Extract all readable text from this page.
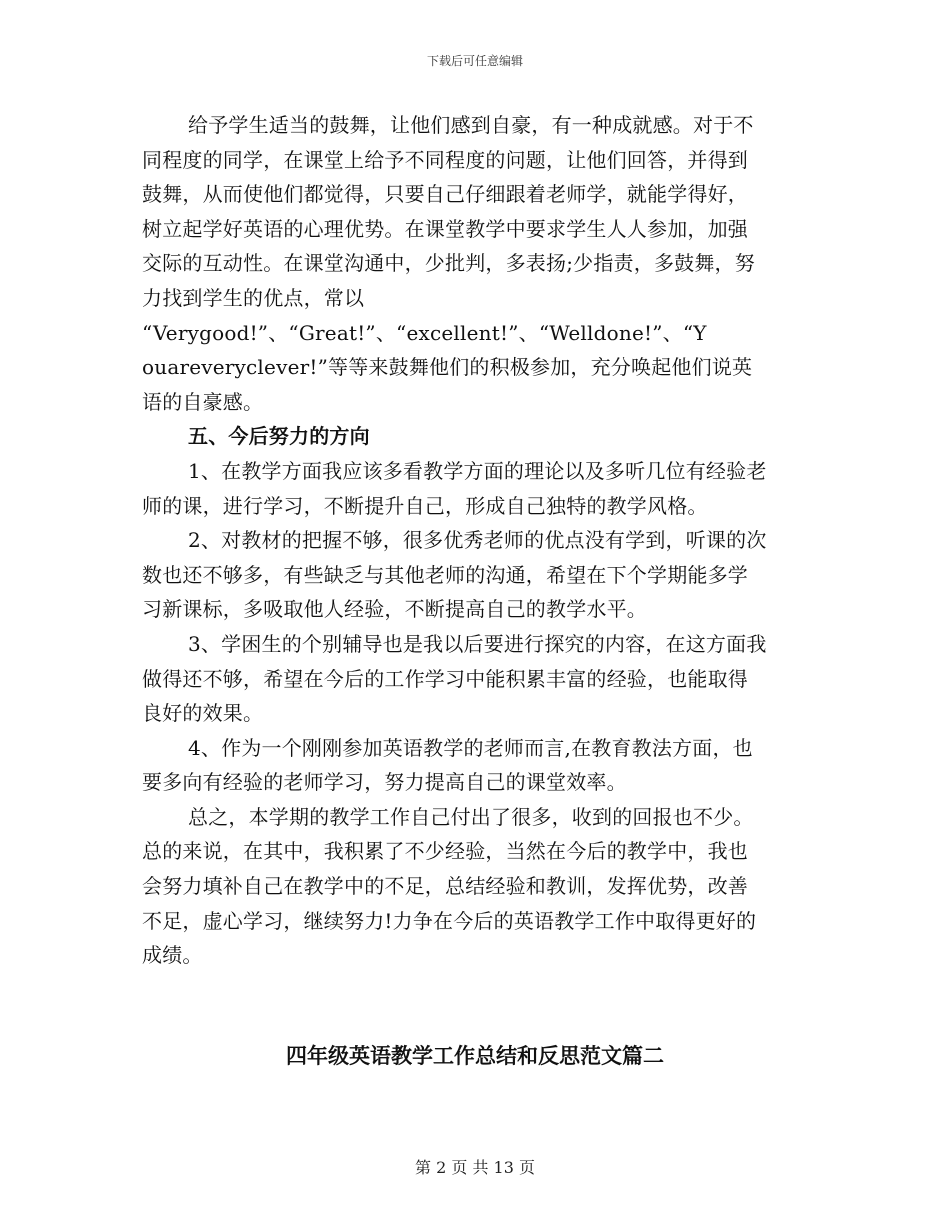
下载后可任意编辑
给予学生适当的鼓舞，让他们感到自豪，有一种成就感。对于不
同程度的同学，在课堂上给予不同程度的问题，让他们回答，并得到
鼓舞，从而使他们都觉得，只要自己仔细跟着老师学，就能学得好，
树立起学好英语的心理优势。在课堂教学中要求学生人人参加，加强
交际的互动性。在课堂沟通中，少批判，多表扬;少指责，多鼓舞，努
力找到学生的优点，常以
“Verygood!”、“Great!”、“excellent!”、“Welldone!”、“Y
ouareveryclever!”等等来鼓舞他们的积极参加，充分唤起他们说英
语的自豪感。
五、今后努力的方向
1、在教学方面我应该多看教学方面的理论以及多听几位有经验老
师的课，进行学习，不断提升自己，形成自己独特的教学风格。
2、对教材的把握不够，很多优秀老师的优点没有学到，听课的次
数也还不够多，有些缺乏与其他老师的沟通，希望在下个学期能多学
习新课标，多吸取他人经验，不断提高自己的教学水平。
3、学困生的个别辅导也是我以后要进行探究的内容，在这方面我
做得还不够，希望在今后的工作学习中能积累丰富的经验，也能取得
良好的效果。
4、作为一个刚刚参加英语教学的老师而言,在教育教法方面，也
要多向有经验的老师学习，努力提高自己的课堂效率。
总之，本学期的教学工作自己付出了很多，收到的回报也不少。
总的来说，在其中，我积累了不少经验，当然在今后的教学中，我也
会努力填补自己在教学中的不足，总结经验和教训，发挥优势，改善
不足，虚心学习，继续努力!力争在今后的英语教学工作中取得更好的
成绩。
四年级英语教学工作总结和反思范文篇二
第 2 页 共 13 页
